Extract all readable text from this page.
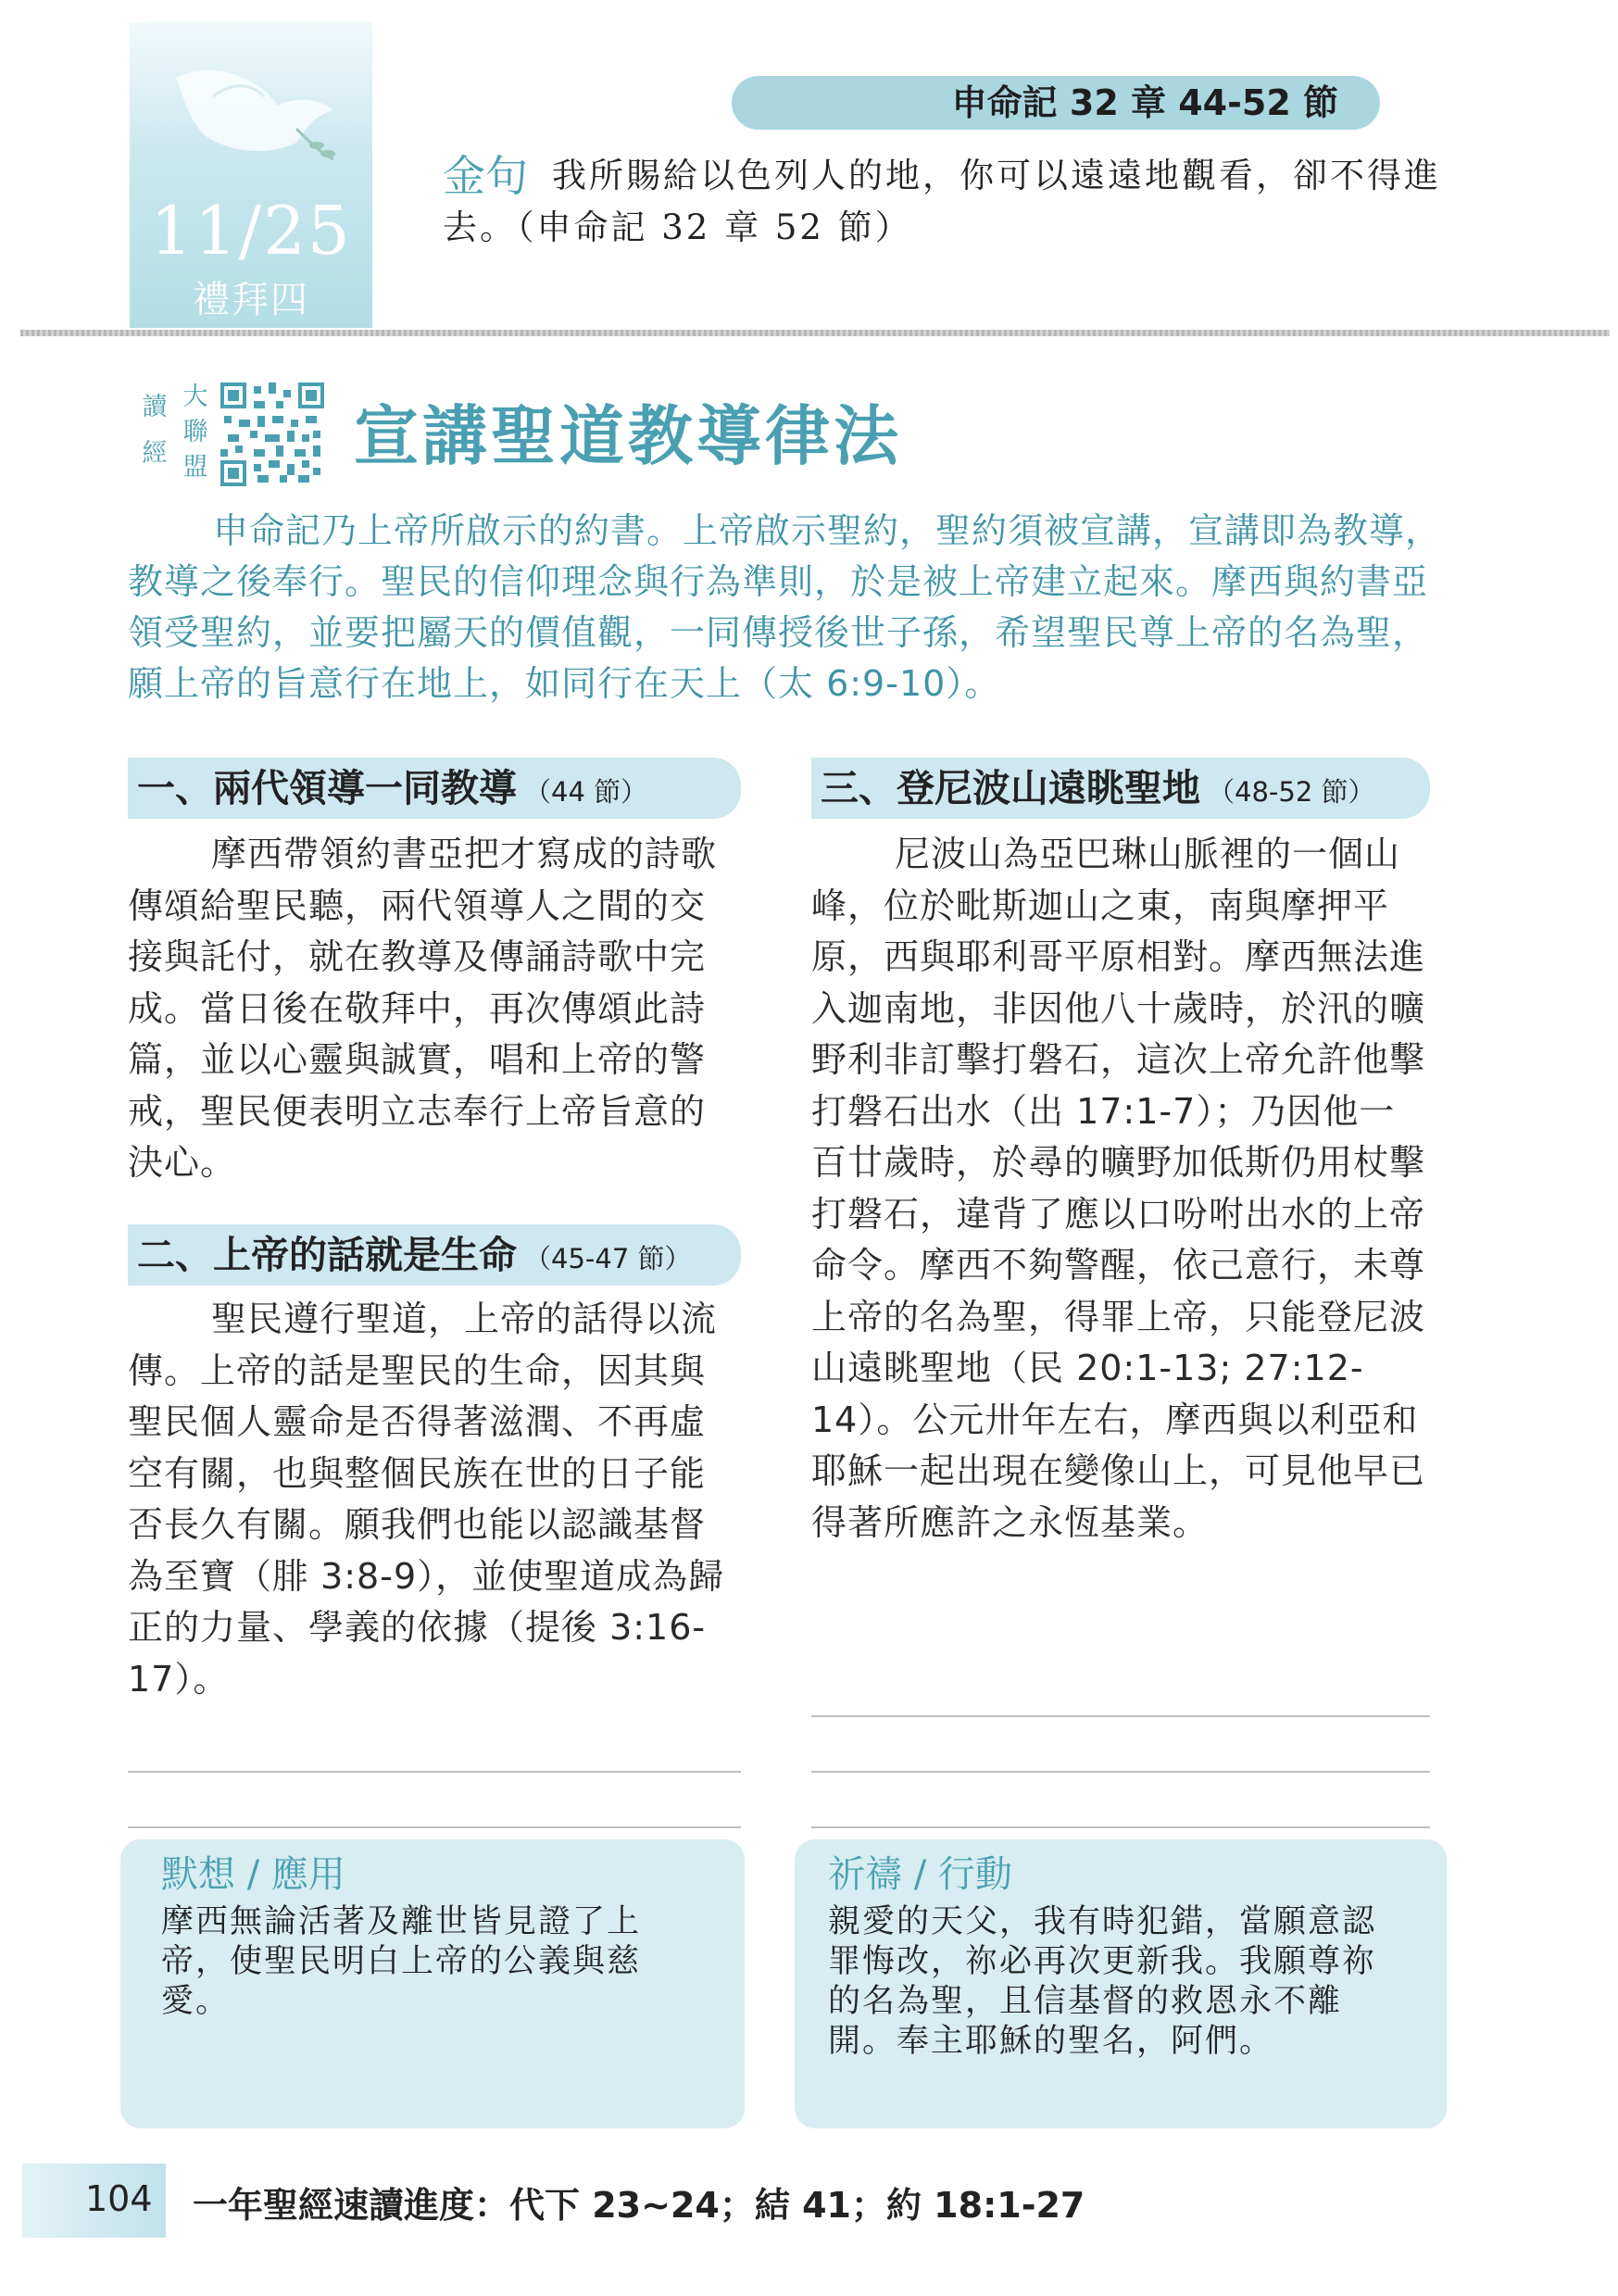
11/25
禮拜四
申命記 32 章 44-52 節
我所賜給以色列人的地，你可以遠遠地觀看，卻不得進去。（申命記 32 章 52 節）
金句
讀經
大聯盟 宣講聖道教導律法
申命記乃上帝所啟示的約書。上帝啟示聖約，聖約須被宣講，宣講即為教導，教導之後奉行。聖民的信仰理念與行為準則，於是被上帝建立起來。摩西與約書亞領受聖約，並要把屬天的價值觀，一同傳授後世子孫，希望聖民尊上帝的名為聖，願上帝的旨意行在地上，如同行在天上（太 6:9-10）。
一、兩代領導一同教導 （44 節）
摩西帶領約書亞把才寫成的詩歌傳頌給聖民聽，兩代領導人之間的交接與託付，就在教導及傳誦詩歌中完成。當日後在敬拜中，再次傳頌此詩篇，並以心靈與誠實，唱和上帝的警戒，聖民便表明立志奉行上帝旨意的決心。
二、上帝的話就是生命 （45-47 節）
聖民遵行聖道，上帝的話得以流傳。上帝的話是聖民的生命，因其與聖民個人靈命是否得著滋潤、不再虛空有關，也與整個民族在世的日子能否長久有關。願我們也能以認識基督為至寶（腓 3:8-9），並使聖道成為歸正的力量、學義的依據（提後 3:16-17）。
三、登尼波山遠眺聖地 （48-52 節）
尼波山為亞巴琳山脈裡的一個山峰，位於毗斯迦山之東，南與摩押平原，西與耶利哥平原相對。摩西無法進入迦南地，非因他八十歲時，於汛的曠野利非訂擊打磐石，這次上帝允許他擊打磐石出水（出 17:1-7）；乃因他一百廿歲時，於尋的曠野加低斯仍用杖擊打磐石，違背了應以口吩咐出水的上帝命令。摩西不夠警醒，依己意行，未尊上帝的名為聖，得罪上帝，只能登尼波山遠眺聖地（民 20:1-13; 27:12-14）。公元卅年左右，摩西與以利亞和耶穌一起出現在變像山上，可見他早已得著所應許之永恆基業。
默想 / 應用
摩西無論活著及離世皆見證了上帝，使聖民明白上帝的公義與慈愛。
祈禱 / 行動
親愛的天父，我有時犯錯，當願意認罪悔改，祢必再次更新我。我願尊祢的名為聖，且信基督的救恩永不離開。奉主耶穌的聖名，阿們。
104 一年聖經速讀進度：代下 23~24；結 41；約 18:1-27
